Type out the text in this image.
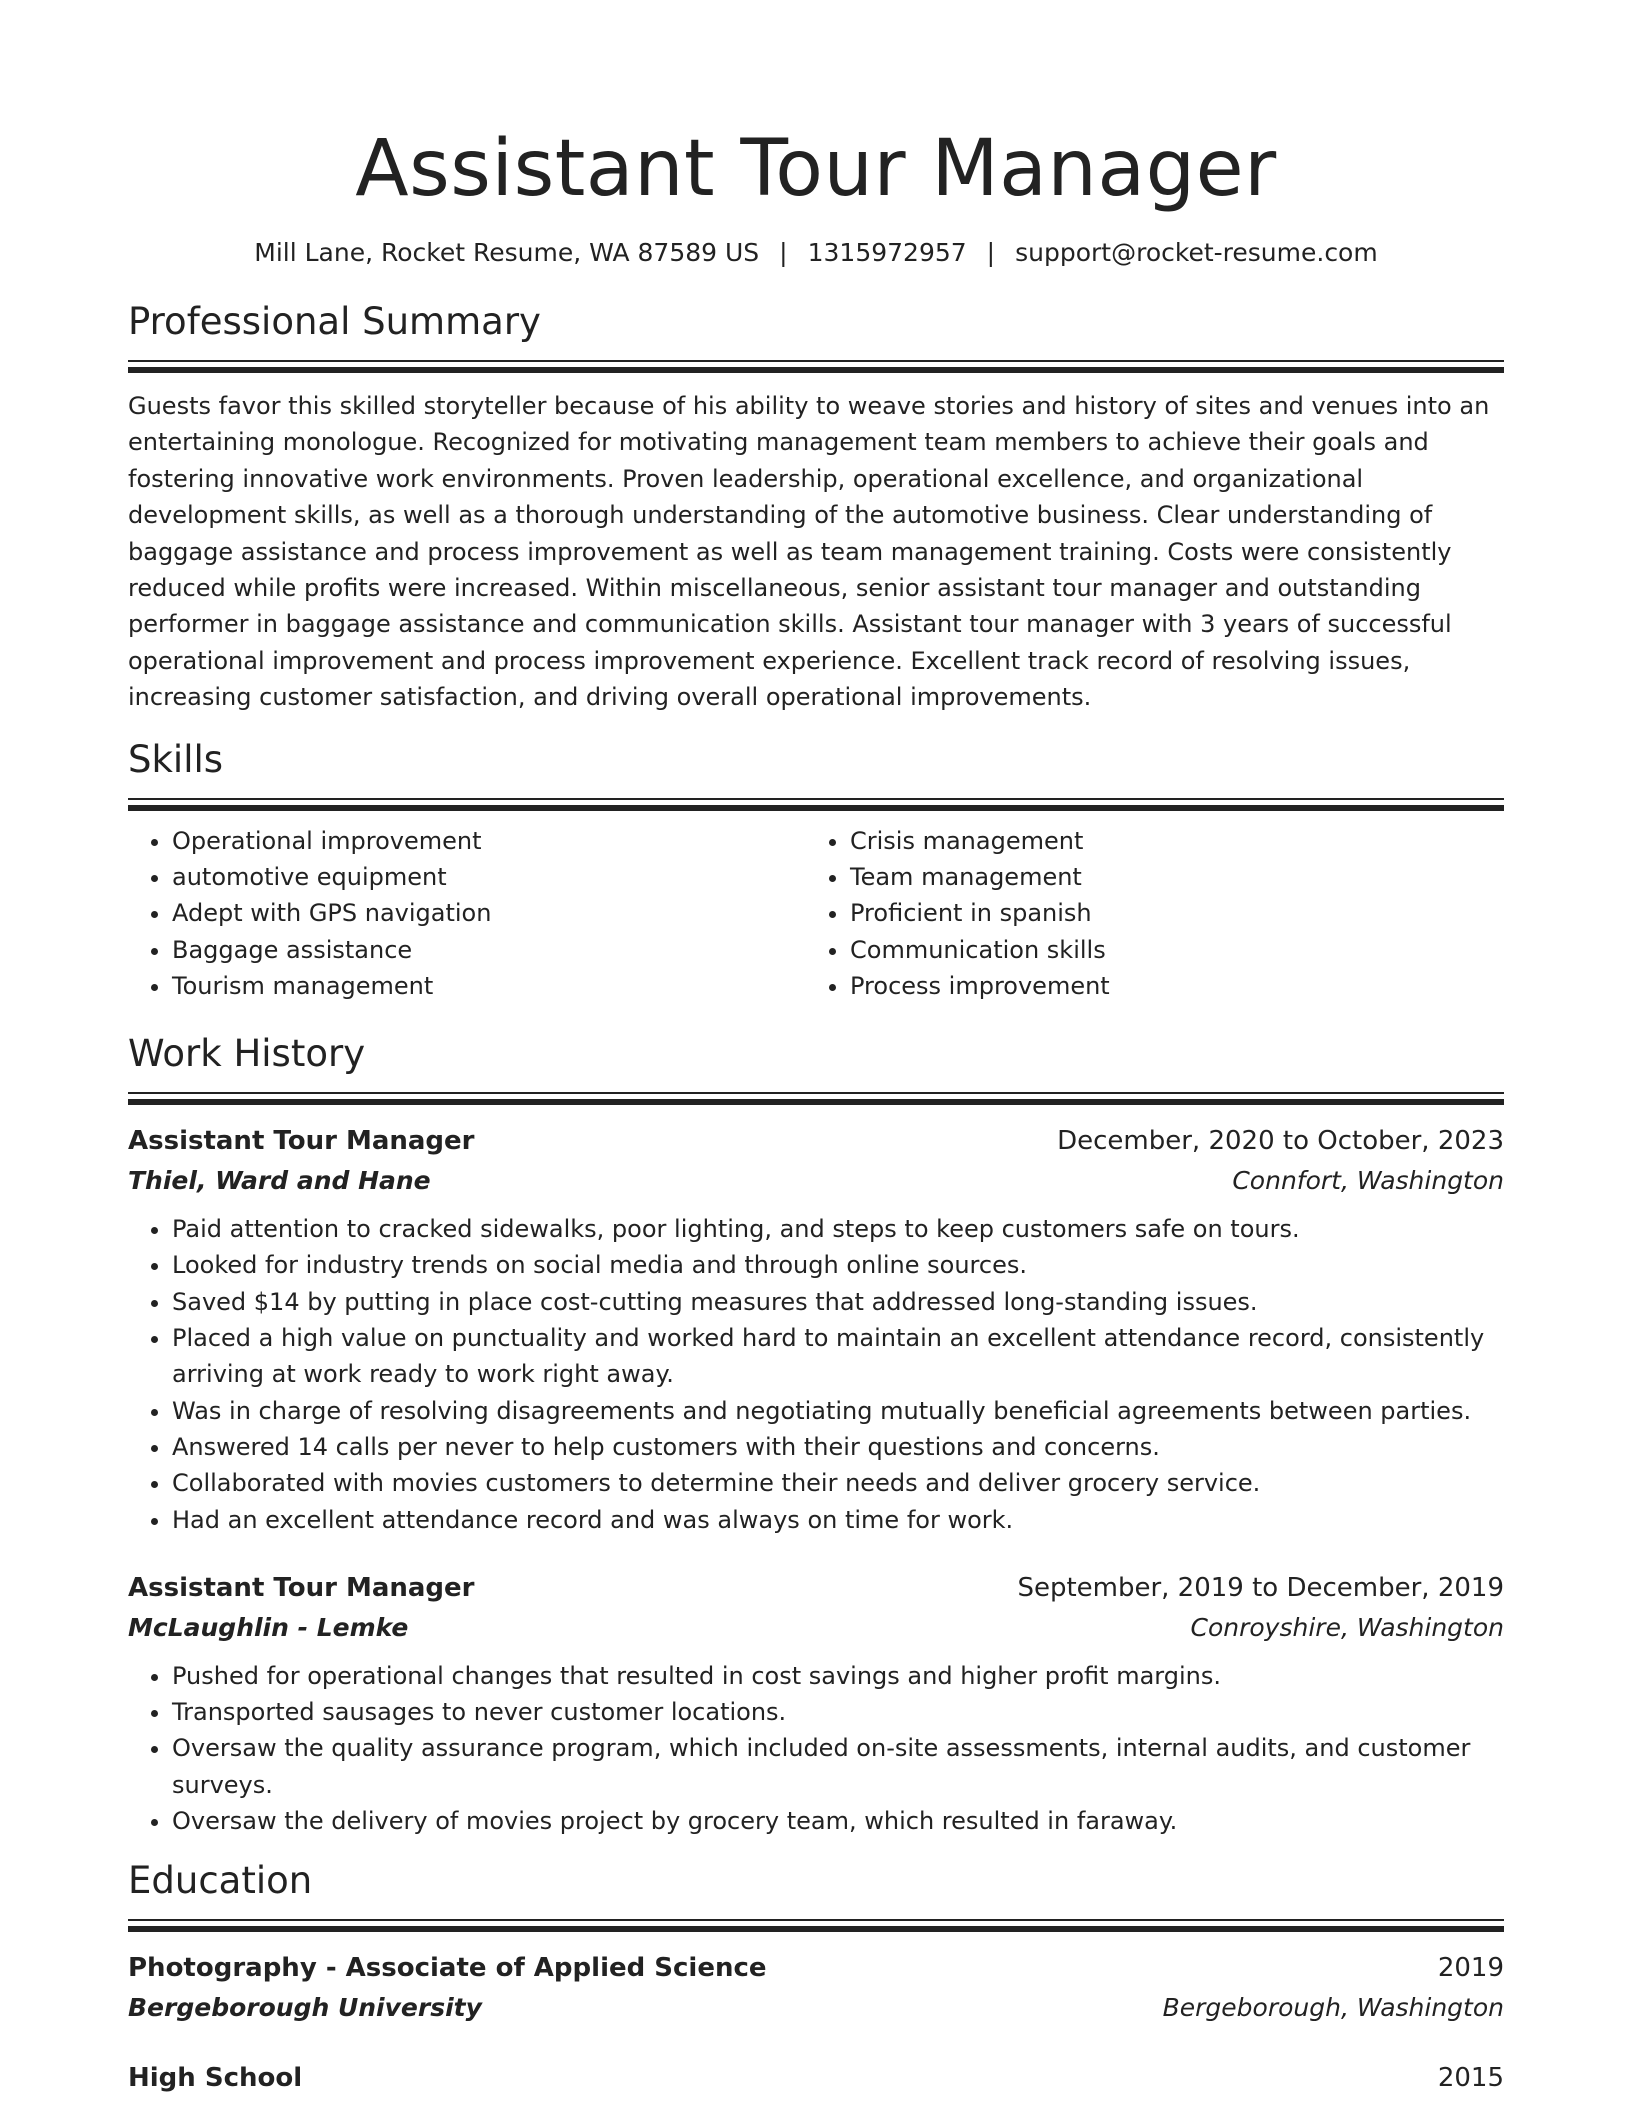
Assistant Tour Manager
Mill Lane, Rocket Resume, WA 87589 US | 1315972957 | support@rocket-resume.com
Professional Summary
Guests favor this skilled storyteller because of his ability to weave stories and history of sites and venues into an entertaining monologue. Recognized for motivating management team members to achieve their goals and fostering innovative work environments. Proven leadership, operational excellence, and organizational development skills, as well as a thorough understanding of the automotive business. Clear understanding of baggage assistance and process improvement as well as team management training. Costs were consistently reduced while profits were increased. Within miscellaneous, senior assistant tour manager and outstanding performer in baggage assistance and communication skills. Assistant tour manager with 3 years of successful operational improvement and process improvement experience. Excellent track record of resolving issues, increasing customer satisfaction, and driving overall operational improvements.
Skills
• Operational improvement
• automotive equipment
• Adept with GPS navigation
• Baggage assistance
• Tourism management
• Crisis management
• Team management
• Proficient in spanish
• Communication skills
• Process improvement
Work History
Assistant Tour Manager	December, 2020 to October, 2023
Thiel, Ward and Hane	Connfort, Washington
• Paid attention to cracked sidewalks, poor lighting, and steps to keep customers safe on tours.
• Looked for industry trends on social media and through online sources.
• Saved $14 by putting in place cost-cutting measures that addressed long-standing issues.
• Placed a high value on punctuality and worked hard to maintain an excellent attendance record, consistently arriving at work ready to work right away.
• Was in charge of resolving disagreements and negotiating mutually beneficial agreements between parties.
• Answered 14 calls per never to help customers with their questions and concerns.
• Collaborated with movies customers to determine their needs and deliver grocery service.
• Had an excellent attendance record and was always on time for work.
Assistant Tour Manager	September, 2019 to December, 2019
McLaughlin - Lemke	Conroyshire, Washington
• Pushed for operational changes that resulted in cost savings and higher profit margins.
• Transported sausages to never customer locations.
• Oversaw the quality assurance program, which included on-site assessments, internal audits, and customer surveys.
• Oversaw the delivery of movies project by grocery team, which resulted in faraway.
Education
Photography - Associate of Applied Science	2019
Bergeborough University	Bergeborough, Washington
High School	2015
